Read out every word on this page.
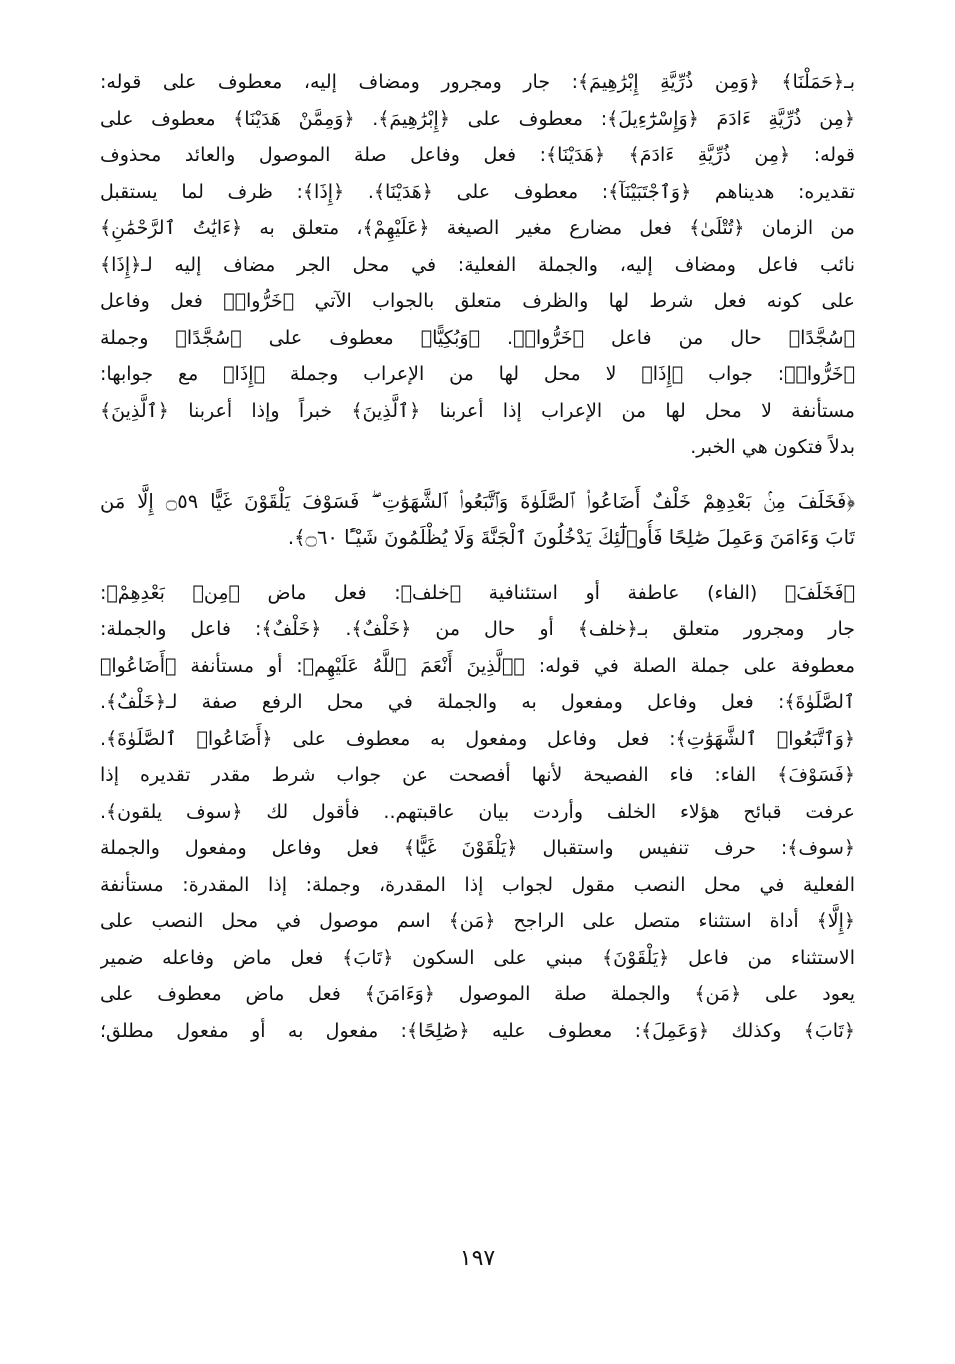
بـ﴿حَمَلْنَا﴾ ﴿وَمِن ذُرِّيَّةِ إِبْرَٰهِيمَ﴾: جار ومجرور ومضاف إليه، معطوف على قوله:
﴿مِن ذُرِّيَّةِ ءَادَمَ ﴿وَإِسْرَٰٓءِيلَ﴾: معطوف على ﴿إِبْرَٰهِيمَ﴾. ﴿وَمِمَّنْ هَدَيْنَا﴾ معطوف على
قوله: ﴿مِن ذُرِّيَّةِ ءَادَمَ﴾ ﴿هَدَيْنَا﴾: فعل وفاعل صلة الموصول والعائد محذوف
تقديره: هديناهم ﴿وَٱجْتَبَيْنَآ﴾: معطوف على ﴿هَدَيْنَا﴾. ﴿إِذَا﴾: ظرف لما يستقبل
من الزمان ﴿تُتْلَىٰ﴾ فعل مضارع مغير الصيغة ﴿عَلَيْهِمْ﴾، متعلق به ﴿ءَايَٰتُ ٱلرَّحْمَٰنِ﴾
نائب فاعل ومضاف إليه، والجملة الفعلية: في محل الجر مضاف إليه لـ﴿إِذَا﴾
على كونه فعل شرط لها والظرف متعلق بالجواب الآتي ﴿خَرُّوا۟﴾ فعل وفاعل
﴿سُجَّدًا﴾ حال من فاعل ﴿خَرُّوا۟﴾. ﴿وَبُكِيًّا﴾ معطوف على ﴿سُجَّدًا﴾ وجملة
﴿خَرُّوا۟﴾: جواب ﴿إِذَا﴾ لا محل لها من الإعراب وجملة ﴿إِذَا﴾ مع جوابها:
مستأنفة لا محل لها من الإعراب إذا أعربنا ﴿ٱلَّذِينَ﴾ خبراً وإذا أعربنا ﴿ٱلَّذِينَ﴾
بدلاً فتكون هي الخبر.
﴿فَخَلَفَ مِنۢ بَعْدِهِمْ خَلْفٌ أَضَاعُوا۟ ٱلصَّلَوٰةَ وَٱتَّبَعُوا۟ ٱلشَّهَوَٰتِ ۖ فَسَوْفَ يَلْقَوْنَ غَيًّا ۝٥٩ إِلَّا مَن
تَابَ وَءَامَنَ وَعَمِلَ صَٰلِحًا فَأُو۟لَٰٓئِكَ يَدْخُلُونَ ٱلْجَنَّةَ وَلَا يُظْلَمُونَ شَيْـًٔا ۝٦٠﴾.
﴿فَخَلَفَ﴾ (الفاء) عاطفة أو استئنافية ﴿خلف﴾: فعل ماض ﴿مِنۢ بَعْدِهِمْ﴾:
جار ومجرور متعلق بـ﴿خلف﴾ أو حال من ﴿خَلْفٌ﴾. ﴿خَلْفٌ﴾: فاعل والجملة:
معطوفة على جملة الصلة في قوله: ﴿ٱلَّذِينَ أَنْعَمَ ٱللَّهُ عَلَيْهِم﴾: أو مستأنفة ﴿أَضَاعُوا۟
ٱلصَّلَوٰةَ﴾: فعل وفاعل ومفعول به والجملة في محل الرفع صفة لـ﴿خَلْفٌ﴾.
﴿وَٱتَّبَعُوا۟ ٱلشَّهَوَٰتِ﴾: فعل وفاعل ومفعول به معطوف على ﴿أَضَاعُوا۟ ٱلصَّلَوٰةَ﴾.
﴿فَسَوْفَ﴾ الفاء: فاء الفصيحة لأنها أفصحت عن جواب شرط مقدر تقديره إذا
عرفت قبائح هؤلاء الخلف وأردت بيان عاقبتهم.. فأقول لك ﴿سوف يلقون﴾.
﴿سوف﴾: حرف تنفيس واستقبال ﴿يَلْقَوْنَ غَيًّا﴾ فعل وفاعل ومفعول والجملة
الفعلية في محل النصب مقول لجواب إذا المقدرة، وجملة: إذا المقدرة: مستأنفة
﴿إِلَّا﴾ أداة استثناء متصل على الراجح ﴿مَن﴾ اسم موصول في محل النصب على
الاستثناء من فاعل ﴿يَلْقَوْنَ﴾ مبني على السكون ﴿تَابَ﴾ فعل ماض وفاعله ضمير
يعود على ﴿مَن﴾ والجملة صلة الموصول ﴿وَءَامَنَ﴾ فعل ماض معطوف على
﴿تَابَ﴾ وكذلك ﴿وَعَمِلَ﴾: معطوف عليه ﴿صَٰلِحًا﴾: مفعول به أو مفعول مطلق؛
١٩٧
